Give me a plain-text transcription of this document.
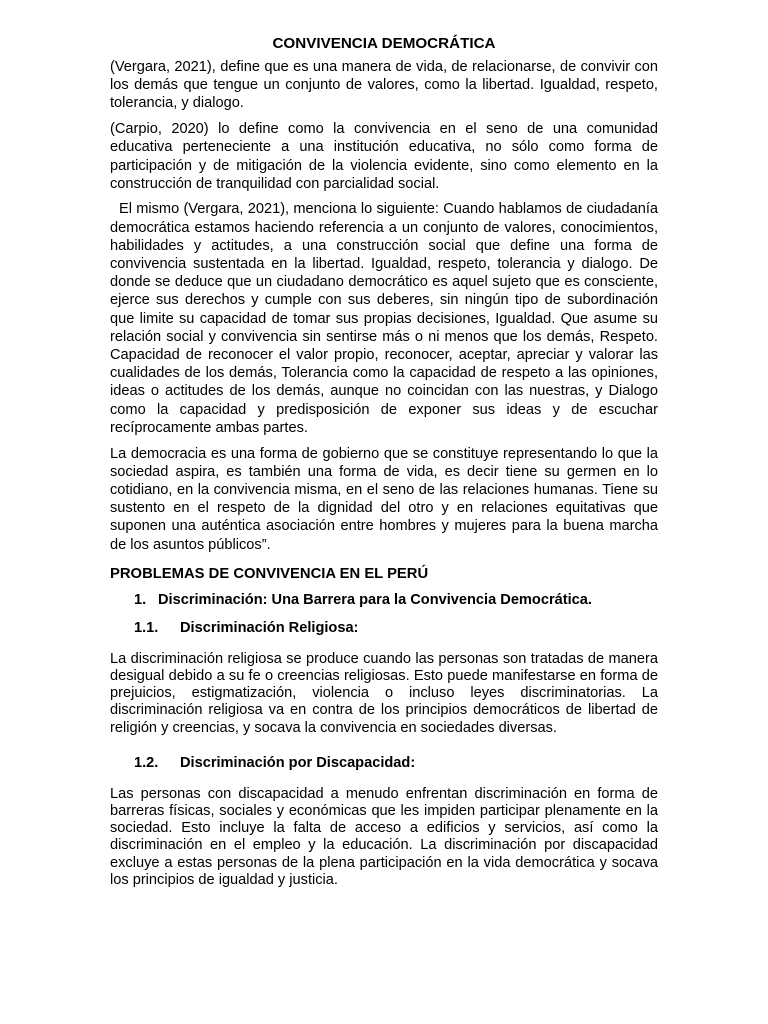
CONVIVENCIA DEMOCRÁTICA

(Vergara, 2021), define que es una manera de vida, de relacionarse, de convivir con los demás que tengue un conjunto de valores, como la libertad. Igualdad, respeto, tolerancia, y dialogo.

(Carpio, 2020) lo define como la convivencia en el seno de una comunidad educativa perteneciente a una institución educativa, no sólo como forma de participación y de mitigación de la violencia evidente, sino como elemento en la construcción de tranquilidad con parcialidad social.

El mismo (Vergara, 2021), menciona lo siguiente: Cuando hablamos de ciudadanía democrática estamos haciendo referencia a un conjunto de valores, conocimientos, habilidades y actitudes, a una construcción social que define una forma de convivencia sustentada en la libertad. Igualdad, respeto, tolerancia y dialogo. De donde se deduce que un ciudadano democrático es aquel sujeto que es consciente, ejerce sus derechos y cumple con sus deberes, sin ningún tipo de subordinación que limite su capacidad de tomar sus propias decisiones, Igualdad. Que asume su relación social y convivencia sin sentirse más o ni menos que los demás, Respeto. Capacidad de reconocer el valor propio, reconocer, aceptar, apreciar y valorar las cualidades de los demás, Tolerancia como la capacidad de respeto a las opiniones, ideas o actitudes de los demás, aunque no coincidan con las nuestras, y Dialogo como la capacidad y predisposición de exponer sus ideas y de escuchar recíprocamente ambas partes.

La democracia es una forma de gobierno que se constituye representando lo que la sociedad aspira, es también una forma de vida, es decir tiene su germen en lo cotidiano, en la convivencia misma, en el seno de las relaciones humanas. Tiene su sustento en el respeto de la dignidad del otro y en relaciones equitativas que suponen una auténtica asociación entre hombres y mujeres para la buena marcha de los asuntos públicos”.

PROBLEMAS DE CONVIVENCIA EN EL PERÚ
1. Discriminación: Una Barrera para la Convivencia Democrática.
1.1.	Discriminación Religiosa:

La discriminación religiosa se produce cuando las personas son tratadas de manera desigual debido a su fe o creencias religiosas. Esto puede manifestarse en forma de prejuicios, estigmatización, violencia o incluso leyes discriminatorias. La discriminación religiosa va en contra de los principios democráticos de libertad de religión y creencias, y socava la convivencia en sociedades diversas.

1.2.	Discriminación por Discapacidad:

Las personas con discapacidad a menudo enfrentan discriminación en forma de barreras físicas, sociales y económicas que les impiden participar plenamente en la sociedad. Esto incluye la falta de acceso a edificios y servicios, así como la discriminación en el empleo y la educación. La discriminación por discapacidad excluye a estas personas de la plena participación en la vida democrática y socava los principios de igualdad y justicia.
